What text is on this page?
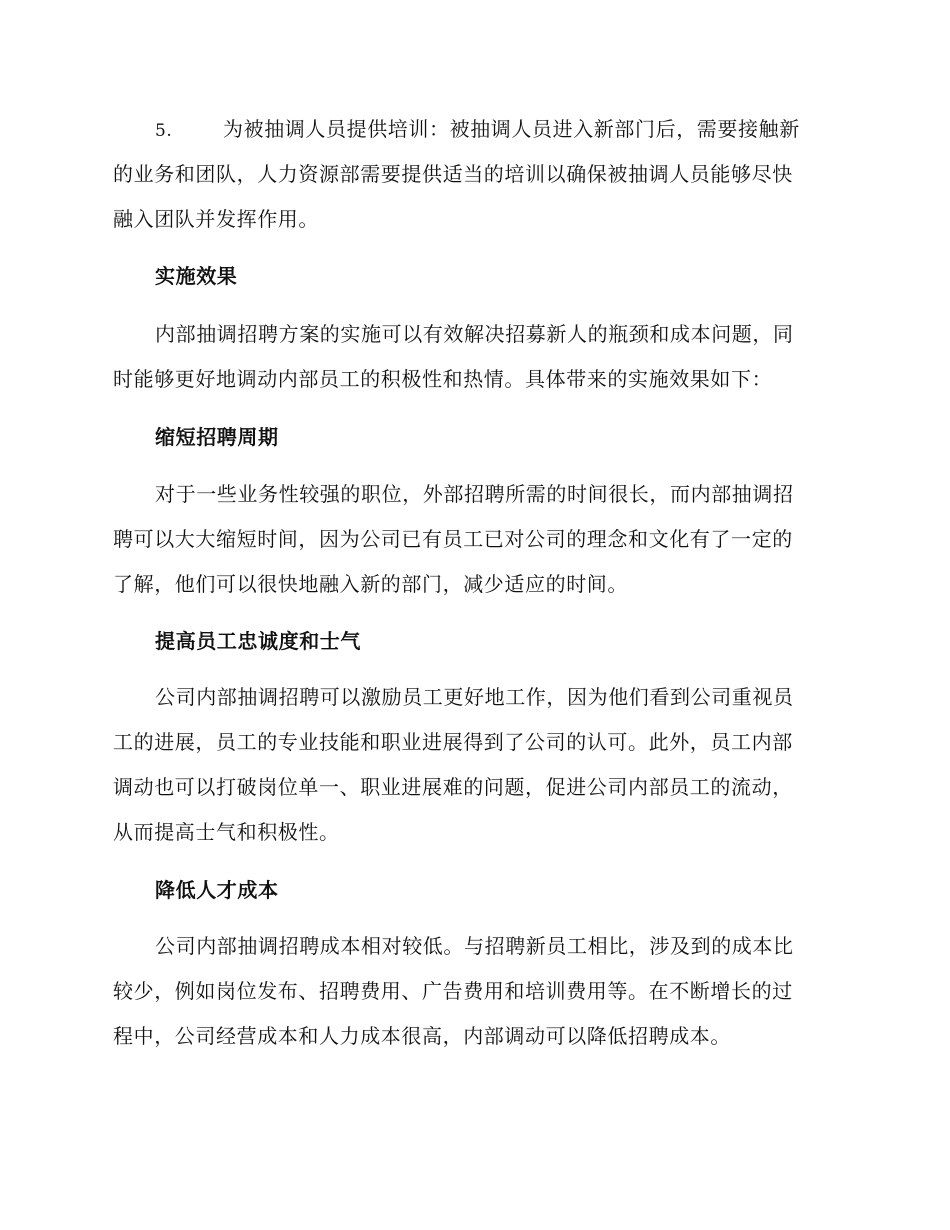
5.	为被抽调人员提供培训：被抽调人员进入新部门后，需要接触新
的业务和团队，人力资源部需要提供适当的培训以确保被抽调人员能够尽快
融入团队并发挥作用。
实施效果
内部抽调招聘方案的实施可以有效解决招募新人的瓶颈和成本问题，同
时能够更好地调动内部员工的积极性和热情。具体带来的实施效果如下：
缩短招聘周期
对于一些业务性较强的职位，外部招聘所需的时间很长，而内部抽调招
聘可以大大缩短时间，因为公司已有员工已对公司的理念和文化有了一定的
了解，他们可以很快地融入新的部门，减少适应的时间。
提高员工忠诚度和士气
公司内部抽调招聘可以激励员工更好地工作，因为他们看到公司重视员
工的进展，员工的专业技能和职业进展得到了公司的认可。此外，员工内部
调动也可以打破岗位单一、职业进展难的问题，促进公司内部员工的流动，
从而提高士气和积极性。
降低人才成本
公司内部抽调招聘成本相对较低。与招聘新员工相比，涉及到的成本比
较少，例如岗位发布、招聘费用、广告费用和培训费用等。在不断增长的过
程中，公司经营成本和人力成本很高，内部调动可以降低招聘成本。
